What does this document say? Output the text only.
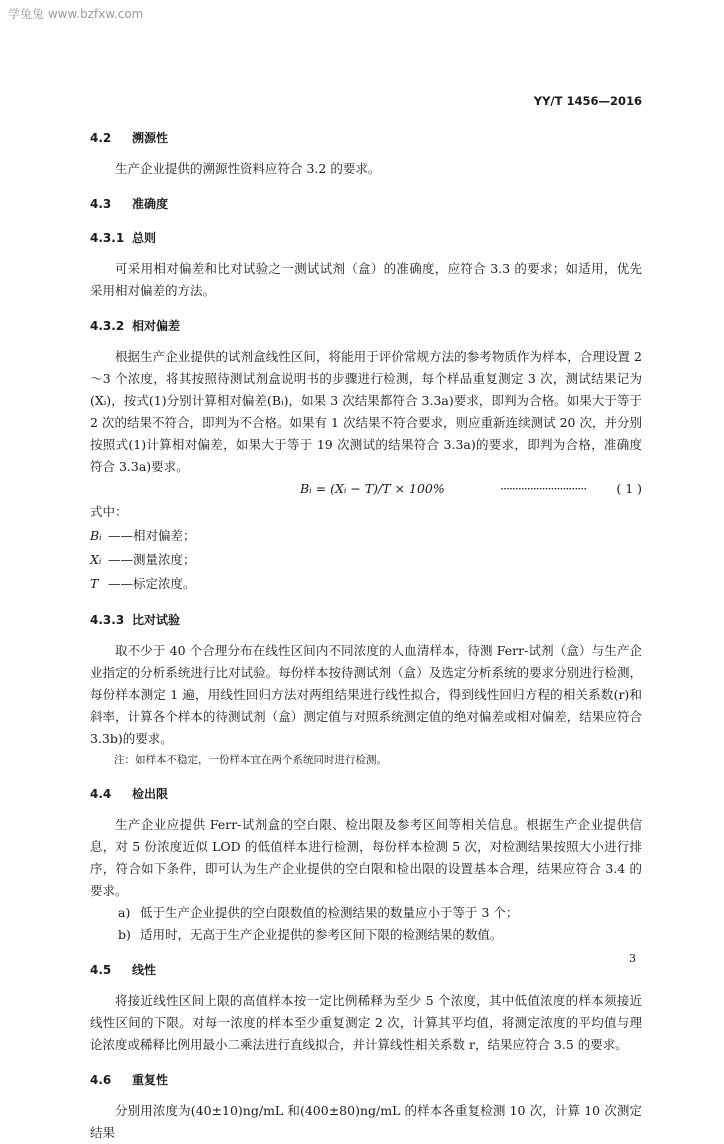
学兔兔 www.bzfxw.com
YY/T 1456—2016

4.2 溯源性

生产企业提供的溯源性资料应符合 3.2 的要求。

4.3 准确度

4.3.1 总则

可采用相对偏差和比对试验之一测试试剂（盒）的准确度，应符合 3.3 的要求；如适用，优先采用相对偏差的方法。

4.3.2 相对偏差

根据生产企业提供的试剂盒线性区间，将能用于评价常规方法的参考物质作为样本，合理设置 2～3 个浓度，将其按照待测试剂盒说明书的步骤进行检测，每个样品重复测定 3 次，测试结果记为(Xᵢ)，按式(1)分别计算相对偏差(Bᵢ)，如果 3 次结果都符合 3.3a)要求，即判为合格。如果大于等于 2 次的结果不符合，即判为不合格。如果有 1 次结果不符合要求，则应重新连续测试 20 次，并分别按照式(1)计算相对偏差，如果大于等于 19 次测试的结果符合 3.3a)的要求，即判为合格，准确度符合 3.3a)要求。

Bᵢ = (Xᵢ − T)/T × 100%	····························· ( 1 )

式中：

Bᵢ ——相对偏差；

Xᵢ ——测量浓度；

T ——标定浓度。

4.3.3 比对试验

取不少于 40 个合理分布在线性区间内不同浓度的人血清样本，待测 Ferr-试剂（盒）与生产企业指定的分析系统进行比对试验。每份样本按待测试剂（盒）及选定分析系统的要求分别进行检测，每份样本测定 1 遍，用线性回归方法对两组结果进行线性拟合，得到线性回归方程的相关系数(r)和斜率，计算各个样本的待测试剂（盒）测定值与对照系统测定值的绝对偏差或相对偏差，结果应符合 3.3b)的要求。

注：如样本不稳定，一份样本宜在两个系统同时进行检测。

4.4 检出限

生产企业应提供 Ferr-试剂盒的空白限、检出限及参考区间等相关信息。根据生产企业提供信息，对 5 份浓度近似 LOD 的低值样本进行检测，每份样本检测 5 次，对检测结果按照大小进行排序，符合如下条件，即可认为生产企业提供的空白限和检出限的设置基本合理，结果应符合 3.4 的要求。

a) 低于生产企业提供的空白限数值的检测结果的数量应小于等于 3 个；

b) 适用时，无高于生产企业提供的参考区间下限的检测结果的数值。

4.5 线性

将接近线性区间上限的高值样本按一定比例稀释为至少 5 个浓度，其中低值浓度的样本须接近线性区间的下限。对每一浓度的样本至少重复测定 2 次，计算其平均值，将测定浓度的平均值与理论浓度或稀释比例用最小二乘法进行直线拟合，并计算线性相关系数 r，结果应符合 3.5 的要求。

4.6 重复性

分别用浓度为(40±10)ng/mL 和(400±80)ng/mL 的样本各重复检测 10 次，计算 10 次测定结果

3
